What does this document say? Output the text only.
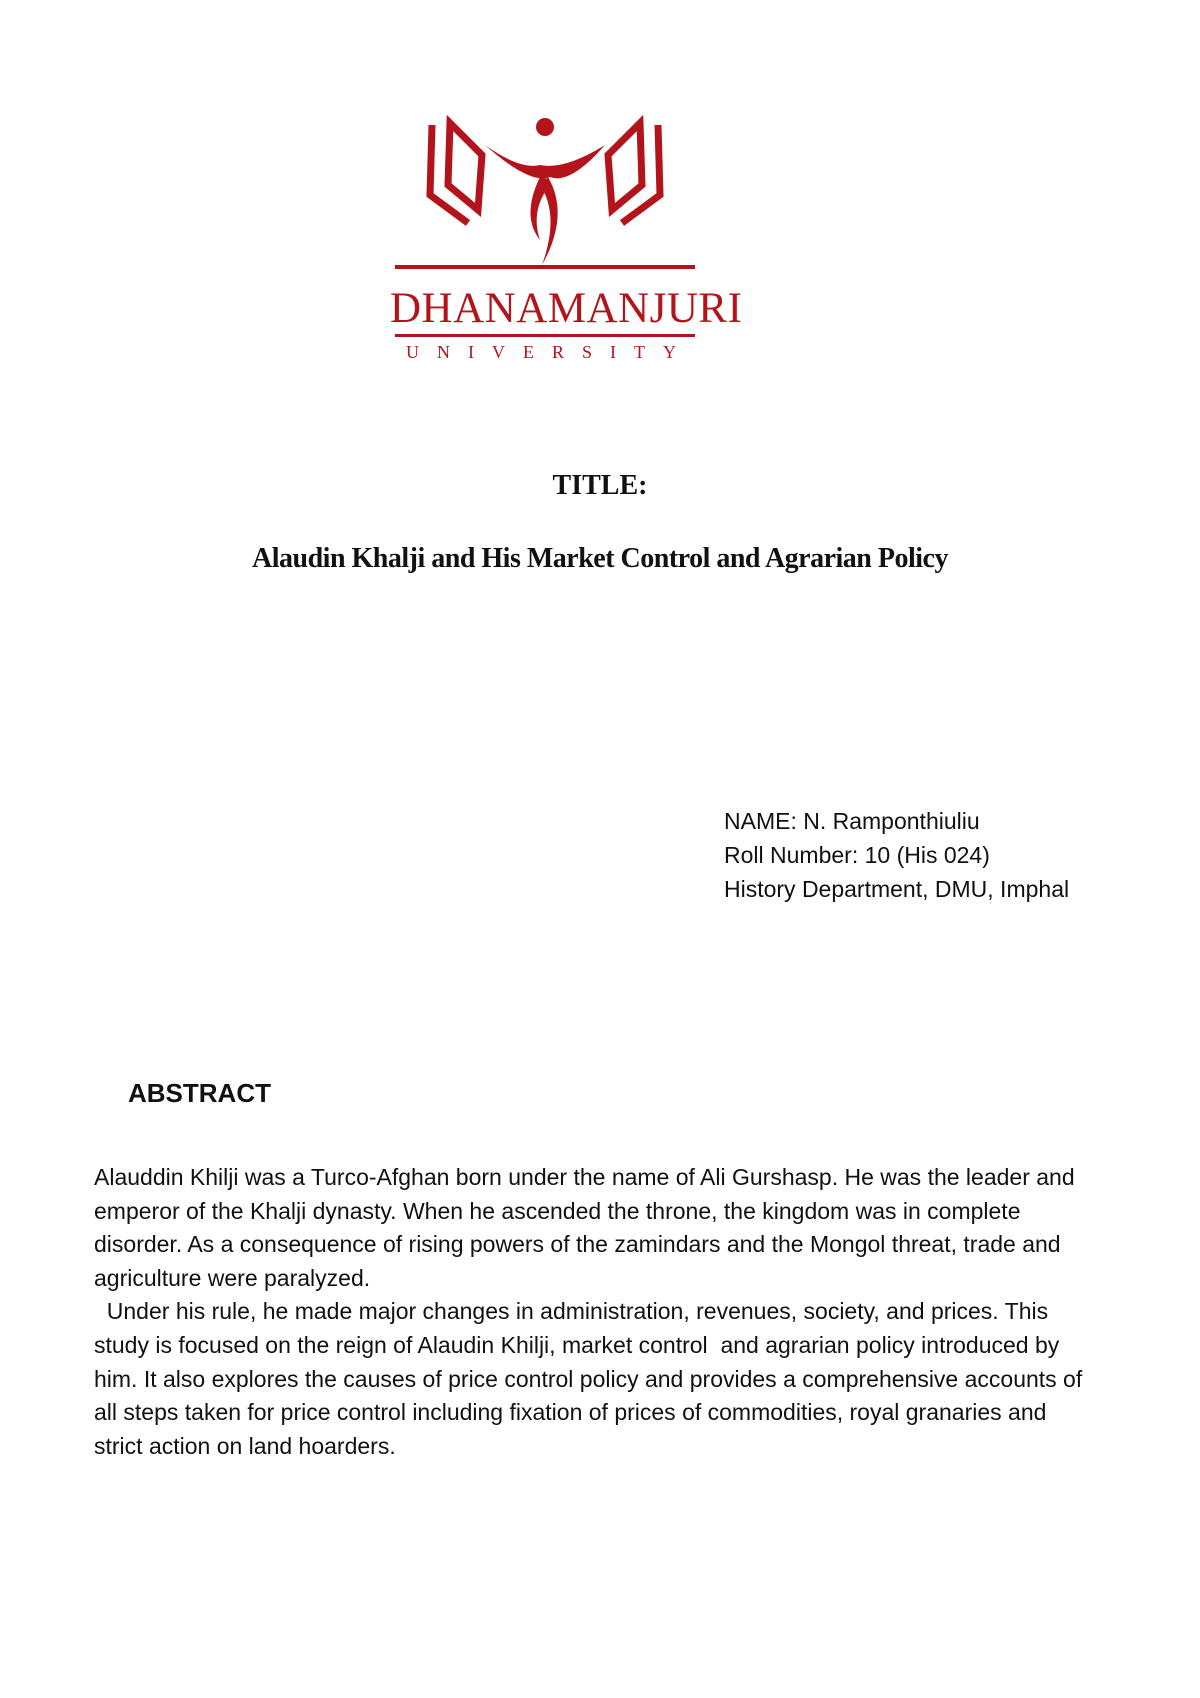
DHANAMANJURI
UNIVERSITY
TITLE:
Alaudin Khalji and His Market Control and Agrarian Policy
NAME: N. Ramponthiuliu
Roll Number: 10 (His 024)
History Department, DMU, Imphal
ABSTRACT

Alauddin Khilji was a Turco-Afghan born under the name of Ali Gurshasp. He was the leader and emperor of the Khalji dynasty. When he ascended the throne, the kingdom was in complete disorder. As a consequence of rising powers of the zamindars and the Mongol threat, trade and agriculture were paralyzed.

Under his rule, he made major changes in administration, revenues, society, and prices. This study is focused on the reign of Alaudin Khilji, market control  and agrarian policy introduced by him. It also explores the causes of price control policy and provides a comprehensive accounts of all steps taken for price control including fixation of prices of commodities, royal granaries and strict action on land hoarders.
